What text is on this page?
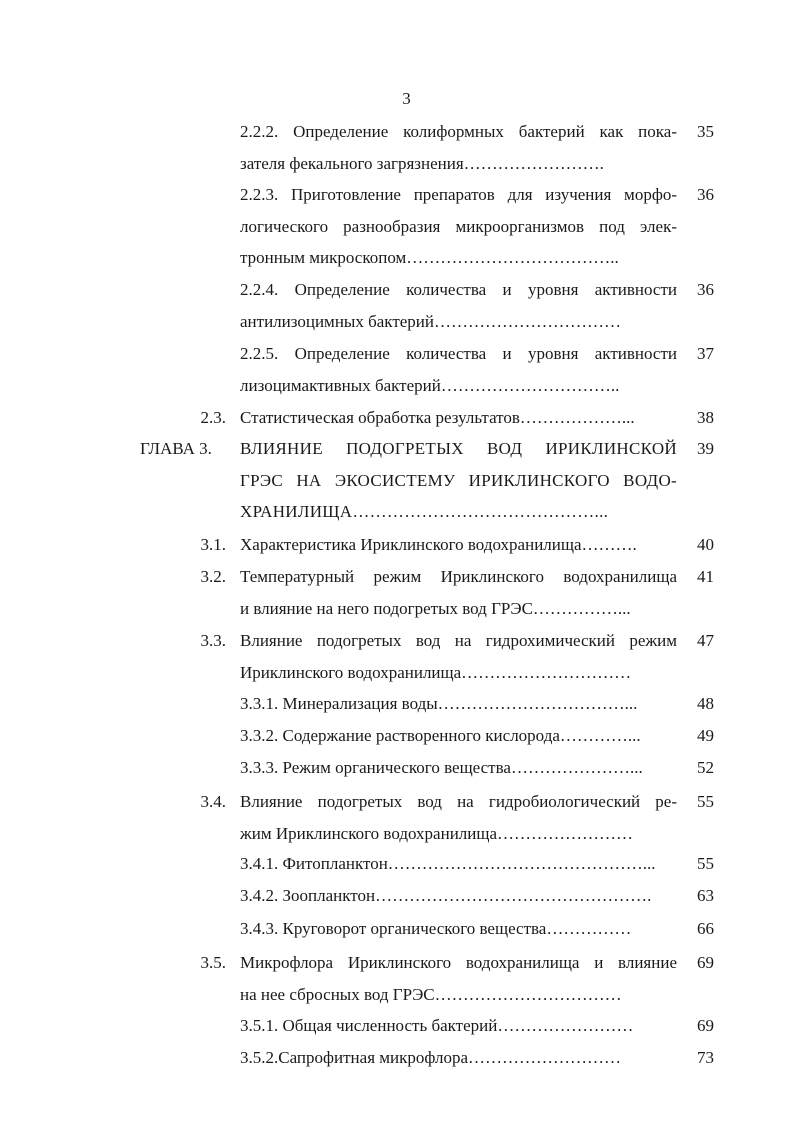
3
2.2.2. Определение колиформных бактерий как пока-
зателя фекального загрязнения…………………….
35
2.2.3. Приготовление препаратов для изучения морфо-
логического разнообразия микроорганизмов под элек-
тронным микроскопом………………………………..
36
2.2.4. Определение количества и уровня активности
антилизоцимных бактерий……………………………
36
2.2.5. Определение количества и уровня активности
лизоцимактивных бактерий…………………………..
37
2.3. Статистическая обработка результатов………………...	38
ГЛАВА 3. ВЛИЯНИЕ ПОДОГРЕТЫХ ВОД ИРИКЛИНСКОЙ
ГРЭС НА ЭКОСИСТЕМУ ИРИКЛИНСКОГО ВОДО-
ХРАНИЛИЩА……………………………………...
39
3.1. Характеристика Ириклинского водохранилища……….	40
3.2. Температурный режим Ириклинского водохранилища
и влияние на него подогретых вод ГРЭС……………...
41
3.3. Влияние подогретых вод на гидрохимический режим
Ириклинского водохранилища…………………………
47
3.3.1. Минерализация воды……………………………...	48
3.3.2. Содержание растворенного кислорода…………...	49
3.3.3. Режим органического вещества…………………...	52
3.4. Влияние подогретых вод на гидробиологический ре-
жим Ириклинского водохранилища……………………
55
3.4.1. Фитопланктон………………………………………...	55
3.4.2. Зоопланктон………………………………………….	63
3.4.3. Круговорот органического вещества……………	66
3.5. Микрофлора Ириклинского водохранилища и влияние
на нее сбросных вод ГРЭС……………………………
69
3.5.1. Общая численность бактерий……………………	69
3.5.2.Сапрофитная микрофлора………………………	73
